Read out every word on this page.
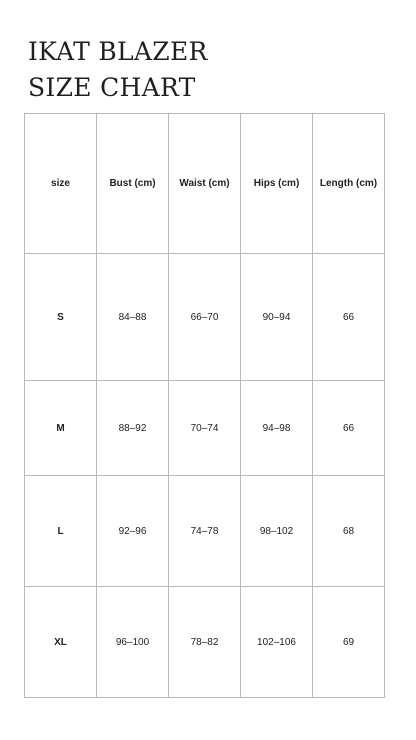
IKAT BLAZER
SIZE CHART
size	Bust (cm)	Waist (cm)	Hips (cm)	Length (cm)
S	84–88	66–70	90–94	66
M	88–92	70–74	94–98	66
L	92–96	74–78	98–102	68
XL	96–100	78–82	102–106	69
